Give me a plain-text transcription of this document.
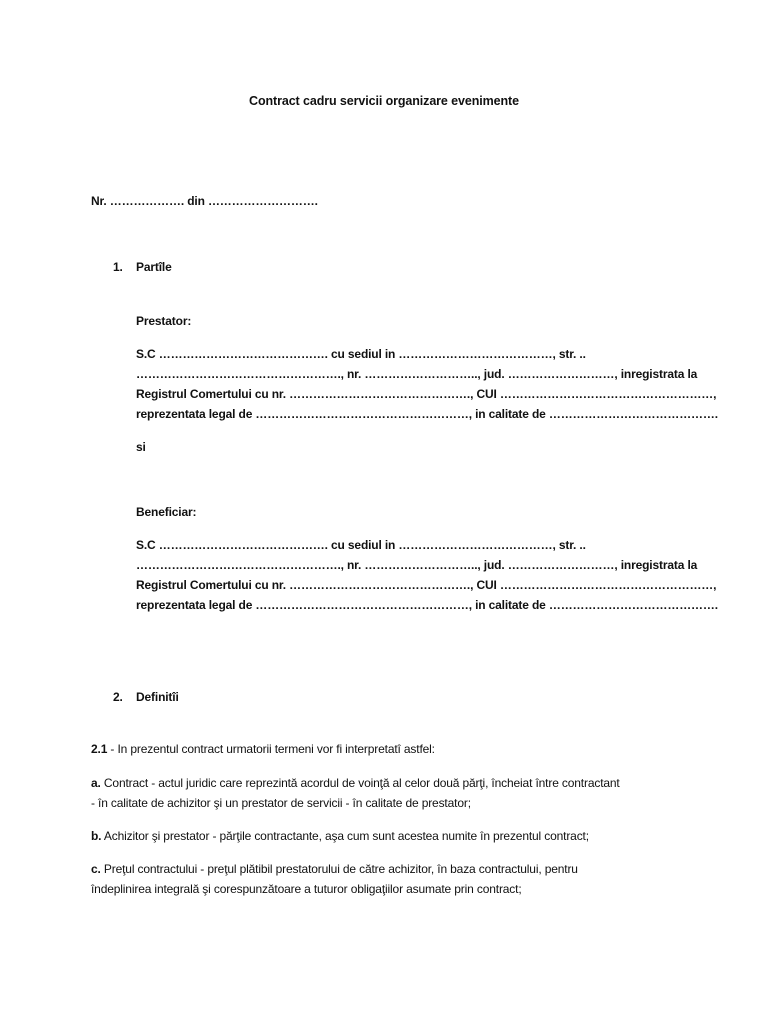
Contract cadru servicii organizare evenimente
Nr. ………………. din ……………………….
1. Partîle
Prestator:
S.C ……………………………………. cu sediul in …………………………………, str. ..
……………………………………………., nr. ……………………….., jud. ………………………, inregistrata la
Registrul Comertului cu nr. ………………………………………., CUI ………………………………………………,
reprezentata legal de ………………………………………………, in calitate de …………………………………….
si
Beneficiar:
S.C ……………………………………. cu sediul in …………………………………, str. ..
……………………………………………., nr. ……………………….., jud. ………………………, inregistrata la
Registrul Comertului cu nr. ………………………………………., CUI ………………………………………………,
reprezentata legal de ………………………………………………, in calitate de …………………………………….
2. Definitîi
2.1 - In prezentul contract urmatorii termeni vor fi interpretatî astfel:
a. Contract - actul juridic care reprezintă acordul de voinţă al celor două părţi, încheiat între contractant
- în calitate de achizitor şi un prestator de servicii - în calitate de prestator;
b. Achizitor şi prestator - părţile contractante, aşa cum sunt acestea numite în prezentul contract;
c. Preţul contractului - preţul plătibil prestatorului de către achizitor, în baza contractului, pentru
îndeplinirea integrală şi corespunzătoare a tuturor obligaţiilor asumate prin contract;
